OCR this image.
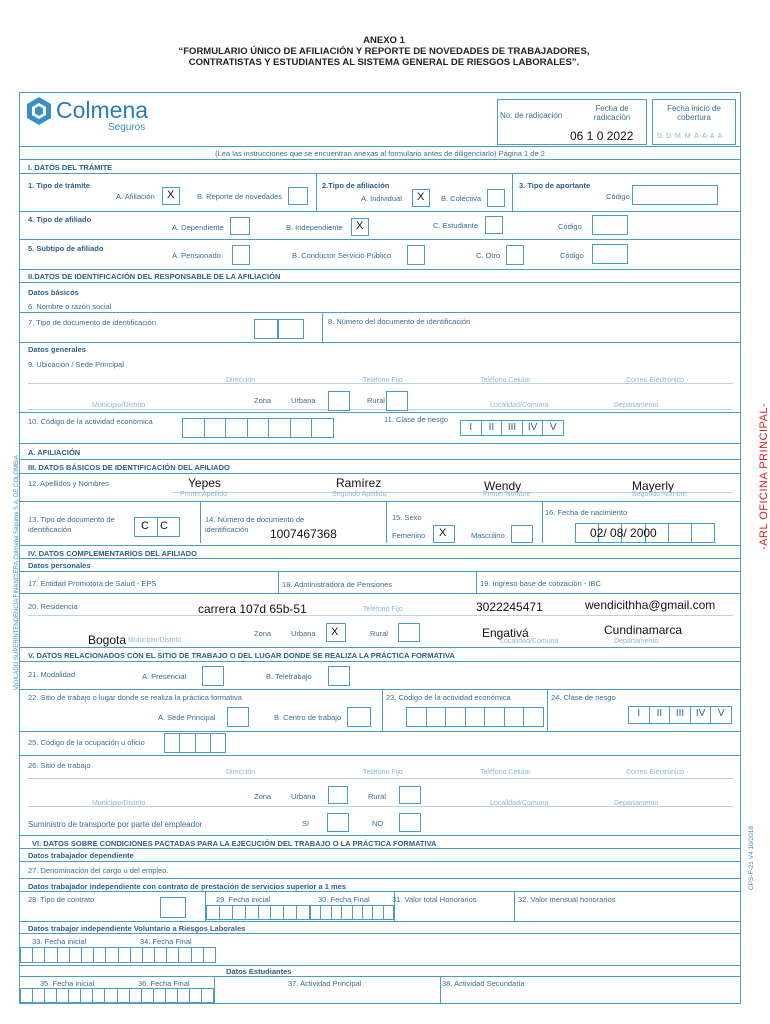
ANEXO 1
“FORMULARIO ÚNICO DE AFILIACIÓN Y REPORTE DE NOVEDADES DE TRABAJADORES,
CONTRATISTAS Y ESTUDIANTES AL SISTEMA GENERAL DE RIESGOS LABORALES”.
Colmena
Seguros
No. de radicación
Fecha de radicación
06 1 0 2022
Fecha inicio de cobertura
D D M M A A A A
(Lea las instrucciones que se encuentran anexas al formulario antes de diligenciarlo) Página 1 de 2
I. DATOS DEL TRÁMITE
1. Tipo de trámite
A. Afiliación X	B. Reporte de novedades
2.Tipo de afiliación
A. Individual X B. Colectiva
3. Tipo de aportante
Código
4. Tipo de afiliado
A. Dependiente	B. Independiente X	C. Estudiante	Código
5. Subtipo de afiliado
A. Pensionado	B. Conductor Servicio Público	C. Otro	Código
II.DATOS DE IDENTIFICACIÓN DEL RESPONSABLE DE LA AFILIACIÓN
Datos básicos
6. Nombre o razón social
7. Tipo de documento de identificación	8. Número del documento de identificación
Datos generales
9. Ubicación / Sede Principal
Dirección	Teléfono Fijo	Teléfono Celular	Correo Electrónico
Municipio/Distrito
Zona	Urbana	Rural
Localidad/Comuna	Departamento
10. Código de la actividad económica	11. Clase de riesgo
I	II	III	IV	V
A. AFILIACIÓN
III. DATOS BÁSICOS DE IDENTIFICACIÓN DEL AFILIADO
12. Apellidos y Nombres	Yepes	Ramírez	Wendy	Mayerly
Primer Apellido	Segundo Apellido	Primer Nombre	Segundo Nombre
13. Tipo de documento de identificación	C C
14. Número de documento de identificación	1007467368
15. Sexo
Femenino X	Masculino
16. Fecha de nacimiento
02/ 08/ 2000
IV. DATOS COMPLEMENTARIOS DEL AFILIADO
Datos personales
17. Entidad Promotora de Salud - EPS	18. Administradora de Pensiones	19. Ingreso base de cotización - IBC
20. Residencia	carrera 107d 65b-51	3022245471	wendicithha@gmail.com
Teléfono Fijo
Bogota Municipio/Distrito
Zona	Urbana X	Rural	Engativá
Localidad/Comuna
Cundinamarca
Departamento
V. DATOS RELACIONADOS CON EL SITIO DE TRABAJO O DEL LUGAR DONDE SE REALIZA LA PRÁCTICA FORMATIVA
21. Modalidad	A. Presencial	B. Teletrabajo
22. Sitio de trabajo o lugar donde se realiza la práctica formativa
A. Sede Principal	B. Centro de trabajo
23. Código de la actividad económica	24. Clase de riesgo
I	II	III	IV	V
25. Código de la ocupación u oficio
26. Sitio de trabajo
Dirección	Teléfono Fijo	Teléfono Celular	Correo Electrónico
Municipio/Distrito
Zona	Urbana	Rural
Localidad/Comuna	Departamento
Suministro de transporte por parte del empleador	SI	NO
VI. DATOS SOBRE CONDICIONES PACTADAS PARA LA EJECUCIÓN DEL TRABAJO O LA PRÁCTICA FORMATIVA
Datos trabajador dependiente
27. Denominación del cargo u del empleo.
Datos trabajador independiente con contrato de prestación de servicios superior a 1 mes
28. Tipo de contrato	29. Fecha inicial	30. Fecha Final	31. Valor total Honorarios	32. Valor mensual honorarios
Datos trabajor independiente Voluntario a Riesgos Laborales
33. Fecha inicial	34. Fecha Final
Datos Estudiantes
35. Fecha inicial	36. Fecha Final	37. Actividad Principal	38. Actividad Secundaria
-ARL OFICINA PRINCIPAL-
VIGILADO SUPERINTENDENCIA FINANCIERA Colmena Seguros S.A. DE COLOMBIA
CPS-F-21 V4 10/2018
